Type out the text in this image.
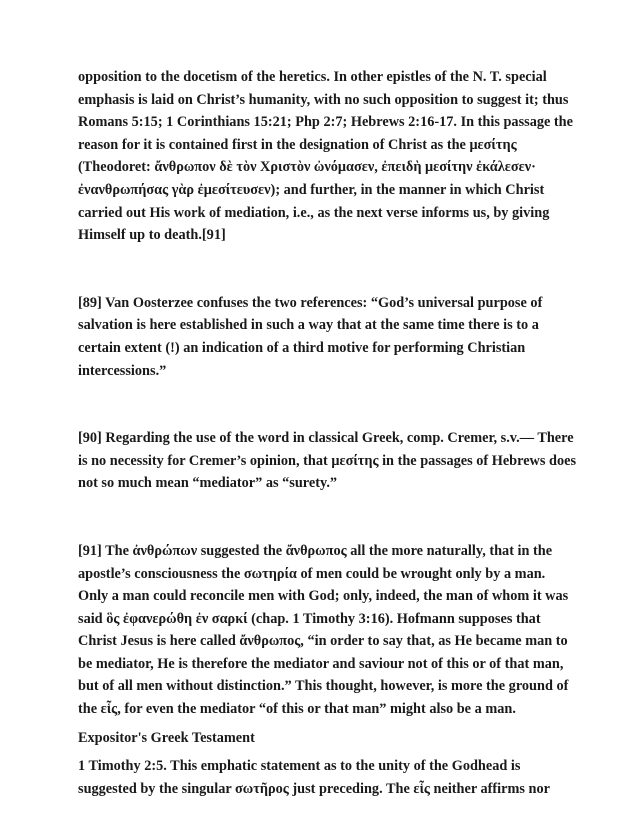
opposition to the docetism of the heretics. In other epistles of the N. T. special emphasis is laid on Christ’s humanity, with no such opposition to suggest it; thus Romans 5:15; 1 Corinthians 15:21; Php 2:7; Hebrews 2:16-17. In this passage the reason for it is contained first in the designation of Christ as the μεσίτης (Theodoret: ἄνθρωπον δὲ τὸν Χριστὸν ὠνόμασεν, ἐπειδὴ μεσίτην ἐκάλεσεν· ἐνανθρωπήσας γὰρ ἐμεσίτευσεν); and further, in the manner in which Christ carried out His work of mediation, i.e., as the next verse informs us, by giving Himself up to death.[91]

[89] Van Oosterzee confuses the two references: “God’s universal purpose of salvation is here established in such a way that at the same time there is to a certain extent (!) an indication of a third motive for performing Christian intercessions.”

[90] Regarding the use of the word in classical Greek, comp. Cremer, s.v.— There is no necessity for Cremer’s opinion, that μεσίτης in the passages of Hebrews does not so much mean “mediator” as “surety.”

[91] The ἀνθρώπων suggested the ἄνθρωπος all the more naturally, that in the apostle’s consciousness the σωτηρία of men could be wrought only by a man. Only a man could reconcile men with God; only, indeed, the man of whom it was said ὃς ἐφανερώθη ἐν σαρκί (chap. 1 Timothy 3:16). Hofmann supposes that Christ Jesus is here called ἄνθρωπος, “in order to say that, as He became man to be mediator, He is therefore the mediator and saviour not of this or of that man, but of all men without distinction.” This thought, however, is more the ground of the εἷς, for even the mediator “of this or that man” might also be a man.

Expositor's Greek Testament

1 Timothy 2:5. This emphatic statement as to the unity of the Godhead is suggested by the singular σωτῆρος just preceding. The εἷς neither affirms nor
